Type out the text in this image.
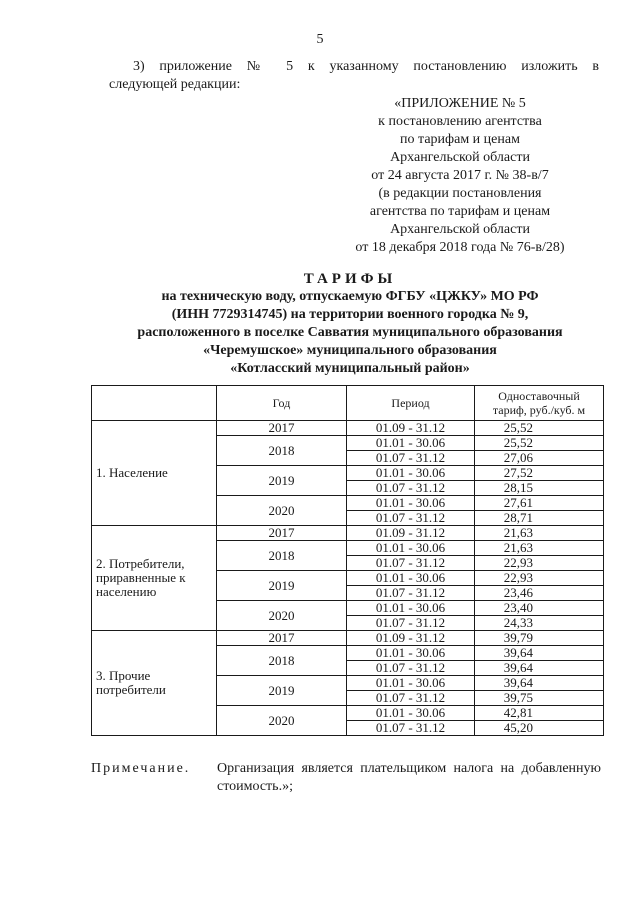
5
3) приложение № 5 к указанному постановлению изложить в
следующей редакции:
«ПРИЛОЖЕНИЕ № 5
к постановлению агентства
по тарифам и ценам
Архангельской области
от 24 августа 2017 г. № 38-в/7
(в редакции постановления
агентства по тарифам и ценам
Архангельской области
от 18 декабря 2018 года № 76-в/28)
ТАРИФЫ
на техническую воду, отпускаемую ФГБУ «ЦЖКУ» МО РФ
(ИНН 7729314745) на территории военного городка № 9,
расположенного в поселке Савватия муниципального образования
«Черемушское» муниципального образования
«Котласский муниципальный район»
	Год	Период	Одноставочный
тариф, руб./куб. м
1. Население	2017	01.09 - 31.12	25,52
	2018	01.01 - 30.06	25,52
		01.07 - 31.12	27,06
	2019	01.01 - 30.06	27,52
		01.07 - 31.12	28,15
	2020	01.01 - 30.06	27,61
		01.07 - 31.12	28,71
2. Потребители,
приравненные к
населению	2017	01.09 - 31.12	21,63
	2018	01.01 - 30.06	21,63
		01.07 - 31.12	22,93
	2019	01.01 - 30.06	22,93
		01.07 - 31.12	23,46
	2020	01.01 - 30.06	23,40
		01.07 - 31.12	24,33
3. Прочие
потребители	2017	01.09 - 31.12	39,79
	2018	01.01 - 30.06	39,64
		01.07 - 31.12	39,64
	2019	01.01 - 30.06	39,64
		01.07 - 31.12	39,75
	2020	01.01 - 30.06	42,81
		01.07 - 31.12	45,20
Примечание. Организация является плательщиком налога на добавленную
стоимость.»;
